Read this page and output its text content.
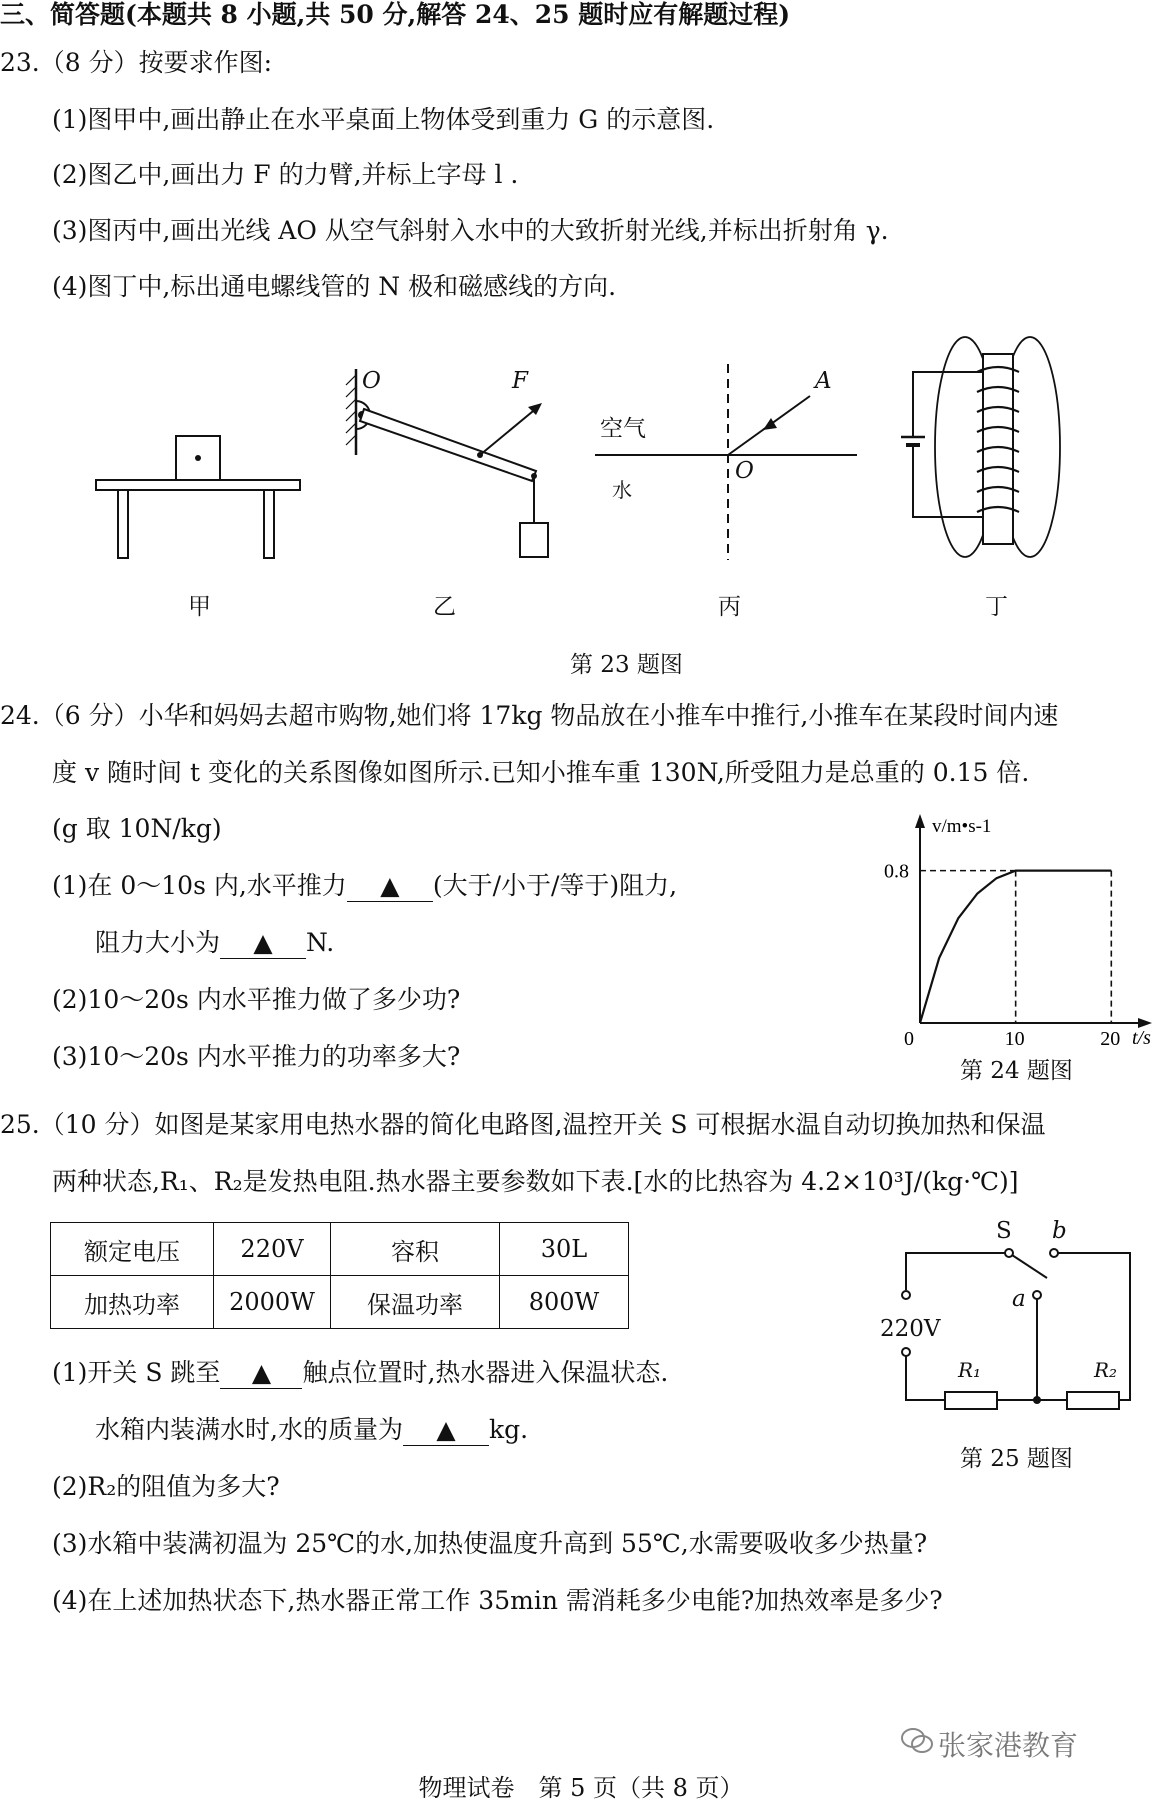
三、简答题(本题共 8 小题,共 50 分,解答 24、25 题时应有解题过程)
23.（8 分）按要求作图:
(1)图甲中,画出静止在水平桌面上物体受到重力 G 的示意图.
(2)图乙中,画出力 F 的力臂,并标上字母 l .
(3)图丙中,画出光线 AO 从空气斜射入水中的大致折射光线,并标出折射角 γ.
(4)图丁中,标出通电螺线管的 N 极和磁感线的方向.
甲
O	F
乙
A
O
空气
水
丙	丁
第 23 题图
24.（6 分）小华和妈妈去超市购物,她们将 17kg 物品放在小推车中推行,小推车在某段时间内速
度 v 随时间 t 变化的关系图像如图所示.已知小推车重 130N,所受阻力是总重的 0.15 倍.
(g 取 10N/kg)
(1)在 0～10s 内,水平推力 ▲ (大于/小于/等于)阻力,
阻力大小为 ▲ N.
(2)10～20s 内水平推力做了多少功?
(3)10～20s 内水平推力的功率多大?
v/m•s-1
t/s
0	10	20
0.8
第 24 题图
25.（10 分）如图是某家用电热水器的简化电路图,温控开关 S 可根据水温自动切换加热和保温
两种状态,R₁、R₂是发热电阻.热水器主要参数如下表.[水的比热容为 4.2×10³J/(kg·℃)]
额定电压	220V	容积	30L
加热功率	2000W	保温功率	800W
(1)开关 S 跳至 ▲ 触点位置时,热水器进入保温状态.
水箱内装满水时,水的质量为 ▲ kg.
(2)R₂的阻值为多大?
(3)水箱中装满初温为 25℃的水,加热使温度升高到 55℃,水需要吸收多少热量?
(4)在上述加热状态下,热水器正常工作 35min 需消耗多少电能?加热效率是多少?
S b
a
220V
R₁	R₂
第 25 题图
张家港教育
物理试卷　第 5 页（共 8 页）
